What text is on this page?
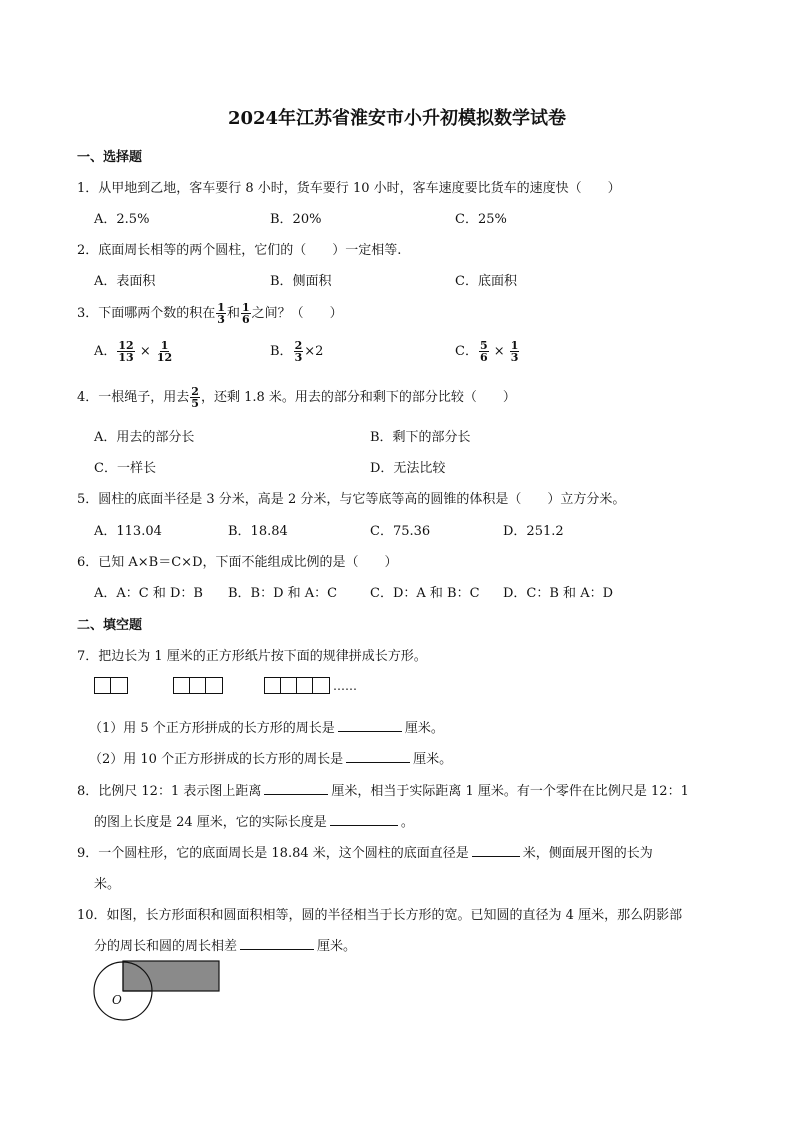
2024年江苏省淮安市小升初模拟数学试卷
一、选择题
1．从甲地到乙地，客车要行 8 小时，货车要行 10 小时，客车速度要比货车的速度快（　　）
A．2.5%	B．20%	C．25%
2．底面周长相等的两个圆柱，它们的（　　）一定相等.
A．表面积	B．侧面积	C．底面积
3．下面哪两个数的积在 $\frac{1}{3}$ 和 $\frac{1}{6}$ 之间？（　　）
A． $\frac{12}{13} \times \frac{1}{12}$	B． $\frac{2}{3} \times 2$	C． $\frac{5}{6} \times \frac{1}{3}$
4．一根绳子，用去 $\frac{2}{5}$ ，还剩 1.8 米。用去的部分和剩下的部分比较（　　）
A．用去的部分长	B．剩下的部分长
C．一样长	D．无法比较
5．圆柱的底面半径是 3 分米，高是 2 分米，与它等底等高的圆锥的体积是（　　）立方分米。
A．113.04	B．18.84	C．75.36	D．251.2
6．已知 A×B＝C×D，下面不能组成比例的是（　　）
A．A：C 和 D：B B．B：D 和 A：C	C．D：A 和 B：C D．C：B 和 A：D
二、填空题
7．把边长为 1 厘米的正方形纸片按下面的规律拼成长方形。
……
（1）用 5 个正方形拼成的长方形的周长是	厘米。
（2）用 10 个正方形拼成的长方形的周长是	厘米。
8．比例尺 12：1 表示图上距离	厘米，相当于实际距离 1 厘米。有一个零件在比例尺是 12：1
的图上长度是 24 厘米，它的实际长度是	。
9．一个圆柱形，它的底面周长是 18.84 米，这个圆柱的底面直径是	米，侧面展开图的长为
米。
10．如图，长方形面积和圆面积相等，圆的半径相当于长方形的宽。已知圆的直径为 4 厘米，那么阴影部
分的周长和圆的周长相差	厘米。
O
